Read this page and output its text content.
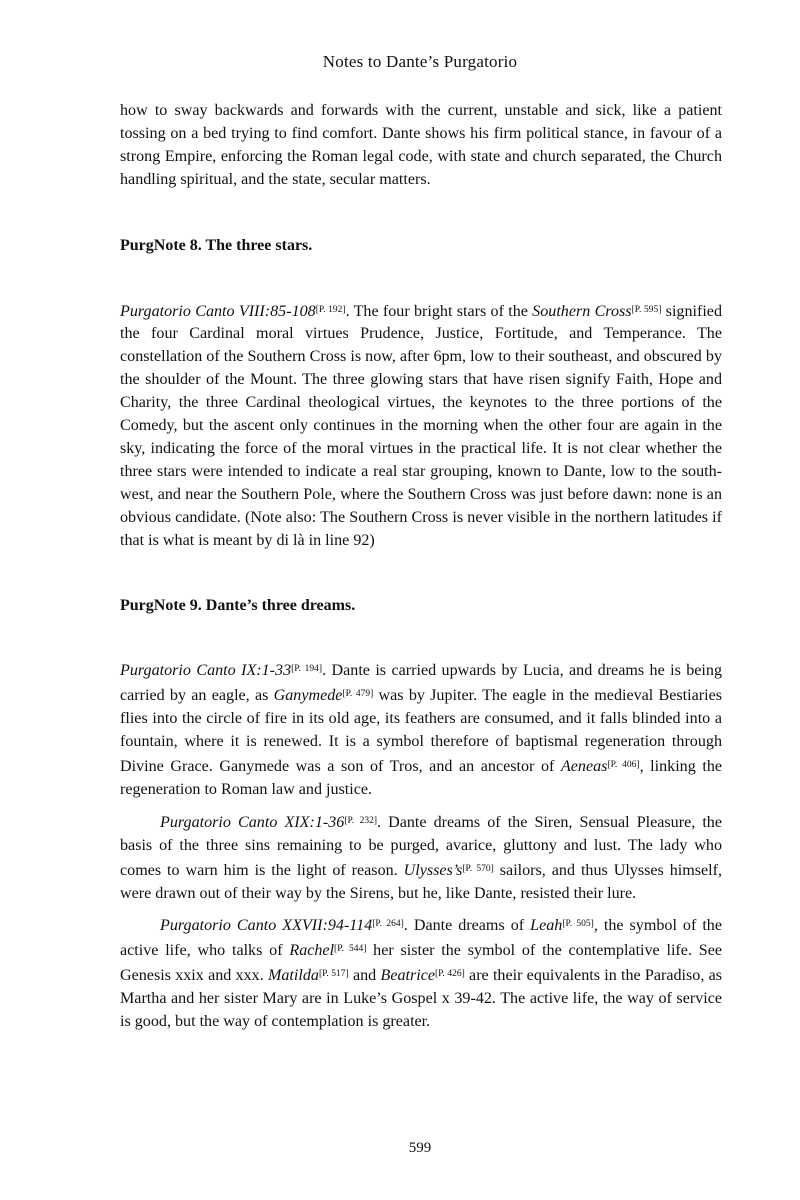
Notes to Dante’s Purgatorio

how to sway backwards and forwards with the current, unstable and sick, like a patient tossing on a bed trying to find comfort. Dante shows his firm political stance, in favour of a strong Empire, enforcing the Roman legal code, with state and church separated, the Church handling spiritual, and the state, secular matters.

PurgNote 8. The three stars.

Purgatorio Canto VIII:85-108[P. 192]. The four bright stars of the Southern Cross[P. 595] signified the four Cardinal moral virtues Prudence, Justice, Fortitude, and Temperance. The constellation of the Southern Cross is now, after 6pm, low to their southeast, and obscured by the shoulder of the Mount. The three glowing stars that have risen signify Faith, Hope and Charity, the three Cardinal theological virtues, the keynotes to the three portions of the Comedy, but the ascent only continues in the morning when the other four are again in the sky, indicating the force of the moral virtues in the practical life. It is not clear whether the three stars were intended to indicate a real star grouping, known to Dante, low to the south-west, and near the Southern Pole, where the Southern Cross was just before dawn: none is an obvious candidate. (Note also: The Southern Cross is never visible in the northern latitudes if that is what is meant by di là in line 92)

PurgNote 9. Dante’s three dreams.

Purgatorio Canto IX:1-33[P. 194]. Dante is carried upwards by Lucia, and dreams he is being carried by an eagle, as Ganymede[P. 479] was by Jupiter. The eagle in the medieval Bestiaries flies into the circle of fire in its old age, its feathers are consumed, and it falls blinded into a fountain, where it is renewed. It is a symbol therefore of baptismal regeneration through Divine Grace. Ganymede was a son of Tros, and an ancestor of Aeneas[P. 406], linking the regeneration to Roman law and justice.

Purgatorio Canto XIX:1-36[P. 232]. Dante dreams of the Siren, Sensual Pleasure, the basis of the three sins remaining to be purged, avarice, gluttony and lust. The lady who comes to warn him is the light of reason. Ulysses’s[P. 570] sailors, and thus Ulysses himself, were drawn out of their way by the Sirens, but he, like Dante, resisted their lure.

Purgatorio Canto XXVII:94-114[P. 264]. Dante dreams of Leah[P. 505], the symbol of the active life, who talks of Rachel[P. 544] her sister the symbol of the contemplative life. See Genesis xxix and xxx. Matilda[P. 517] and Beatrice[P. 426] are their equivalents in the Paradiso, as Martha and her sister Mary are in Luke’s Gospel x 39-42. The active life, the way of service is good, but the way of contemplation is greater.

599
